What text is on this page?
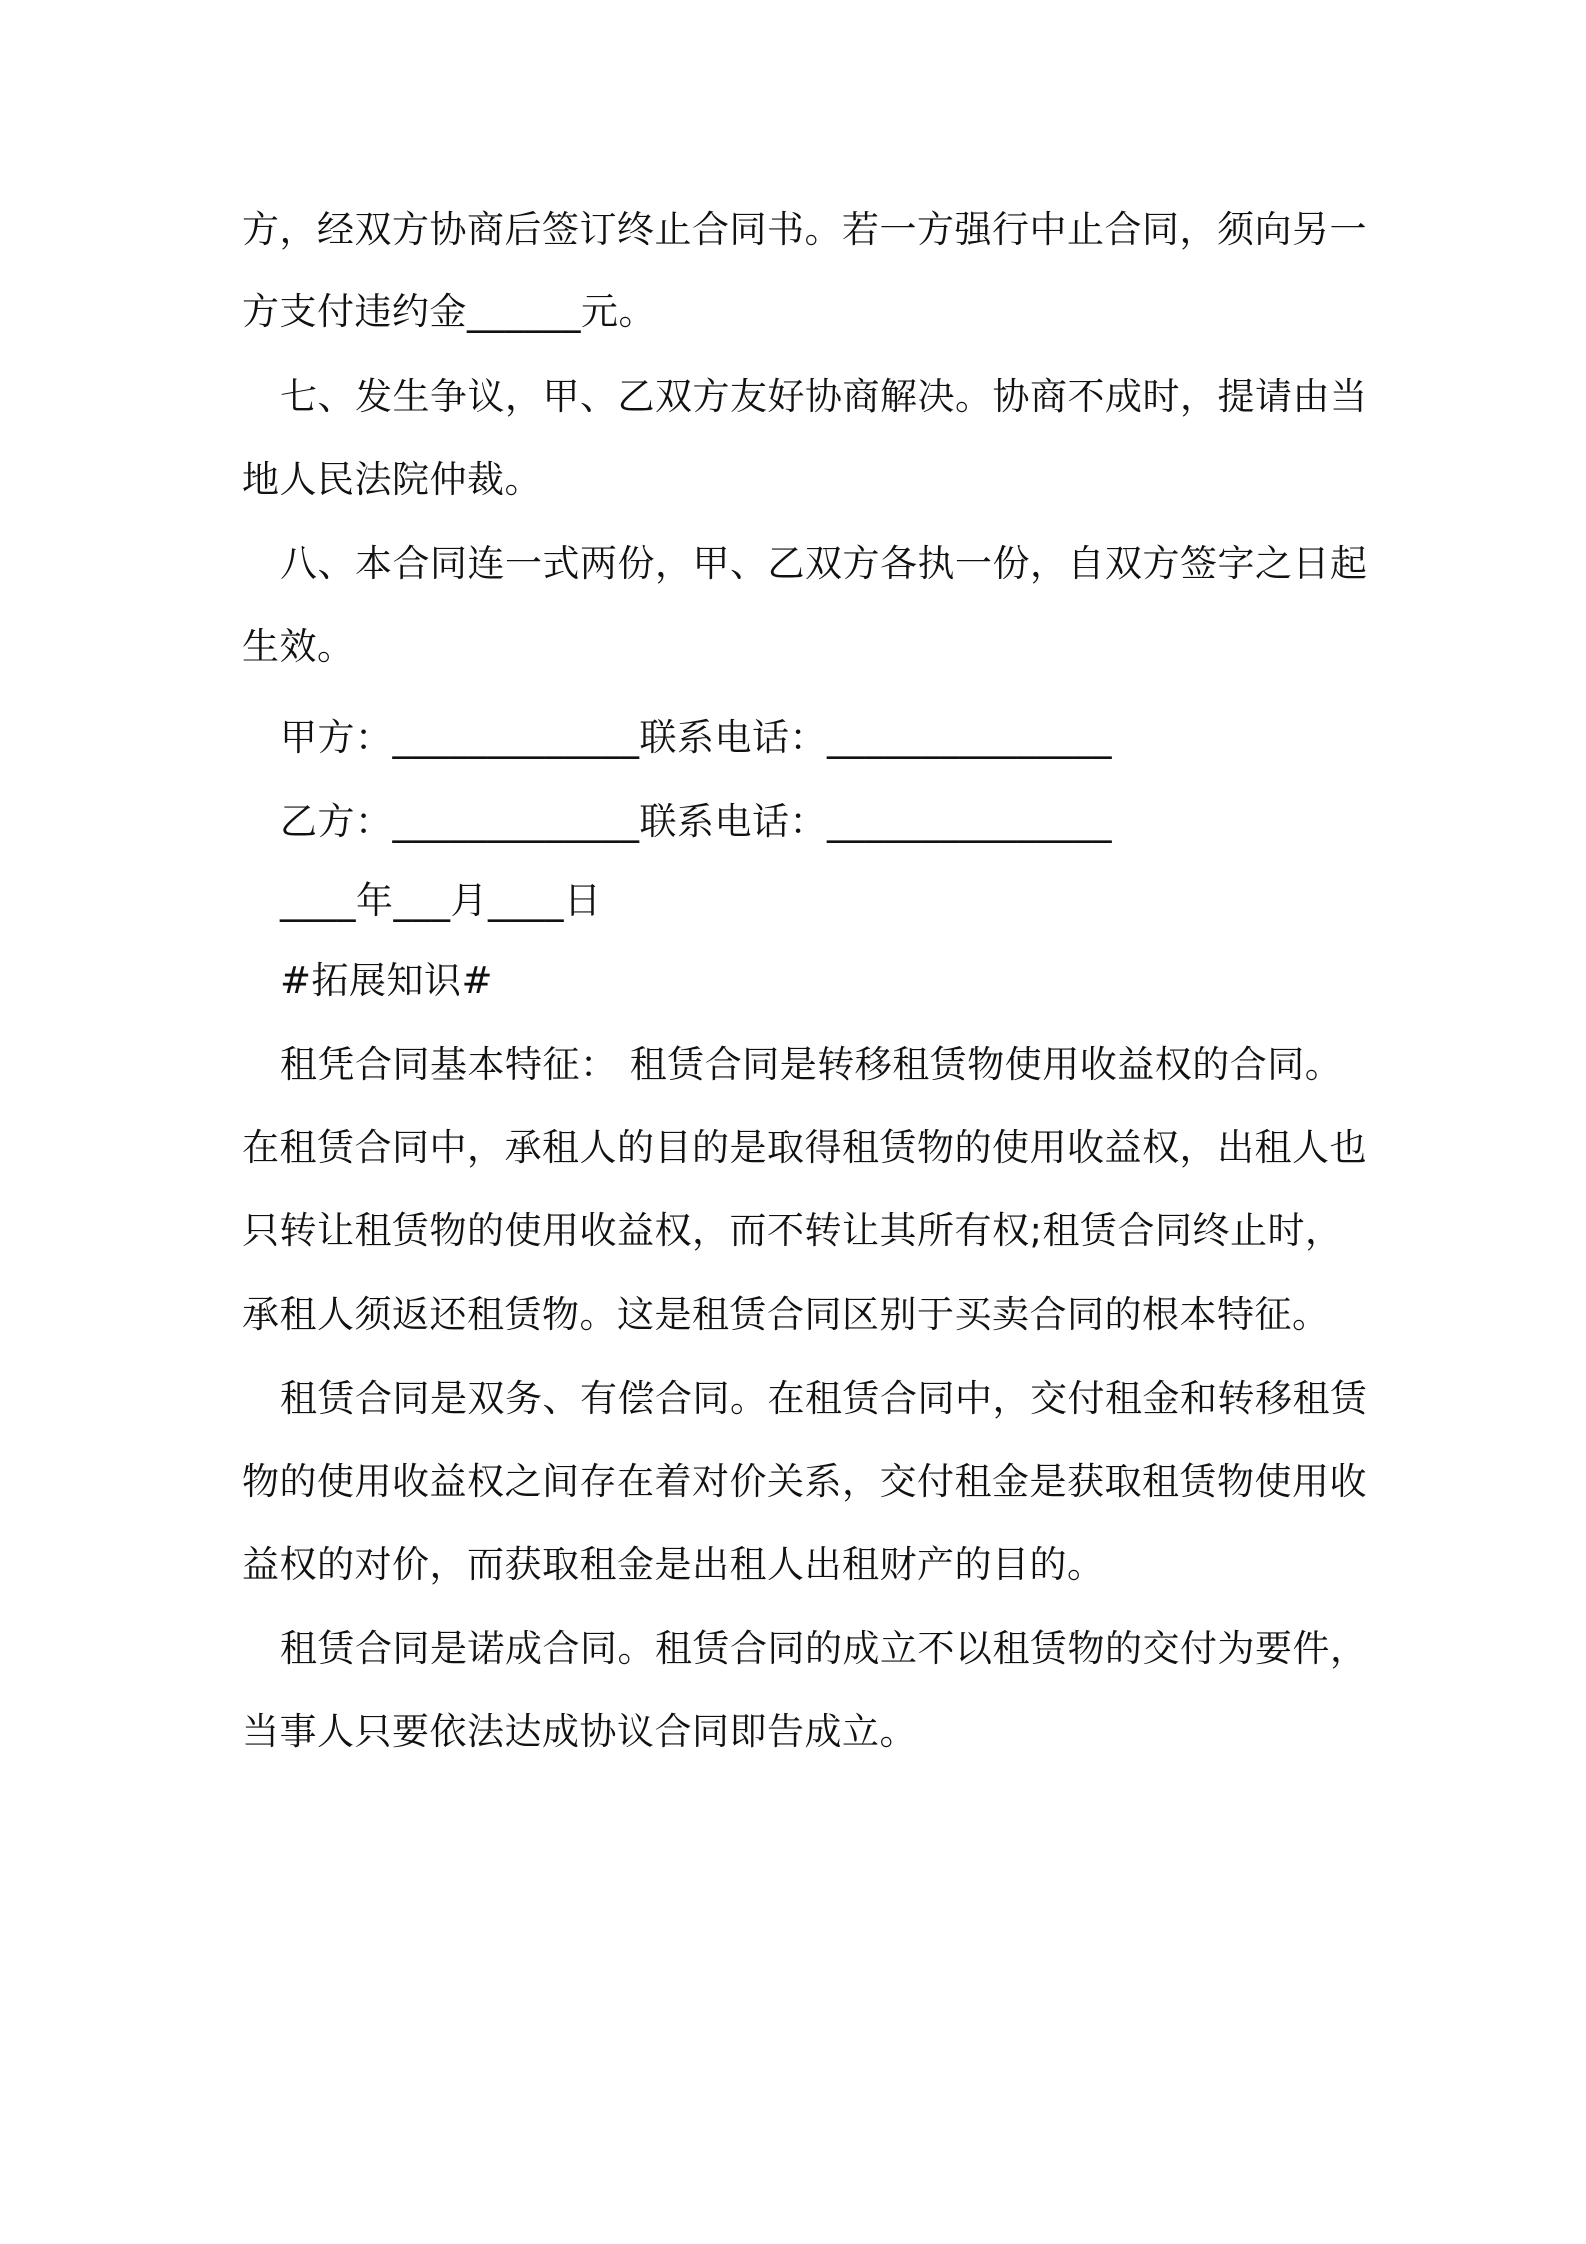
方，经双方协商后签订终止合同书。若一方强行中止合同，须向另一
方支付违约金______元。
七、发生争议，甲、乙双方友好协商解决。协商不成时，提请由当
地人民法院仲裁。
八、本合同连一式两份，甲、乙双方各执一份，自双方签字之日起
生效。
甲方：_____________联系电话：_______________
乙方：_____________联系电话：_______________
____年___月____日
#拓展知识#
租凭合同基本特征： 租赁合同是转移租赁物使用收益权的合同。
在租赁合同中，承租人的目的是取得租赁物的使用收益权，出租人也
只转让租赁物的使用收益权，而不转让其所有权;租赁合同终止时，
承租人须返还租赁物。这是租赁合同区别于买卖合同的根本特征。
租赁合同是双务、有偿合同。在租赁合同中，交付租金和转移租赁
物的使用收益权之间存在着对价关系，交付租金是获取租赁物使用收
益权的对价，而获取租金是出租人出租财产的目的。
租赁合同是诺成合同。租赁合同的成立不以租赁物的交付为要件，
当事人只要依法达成协议合同即告成立。
